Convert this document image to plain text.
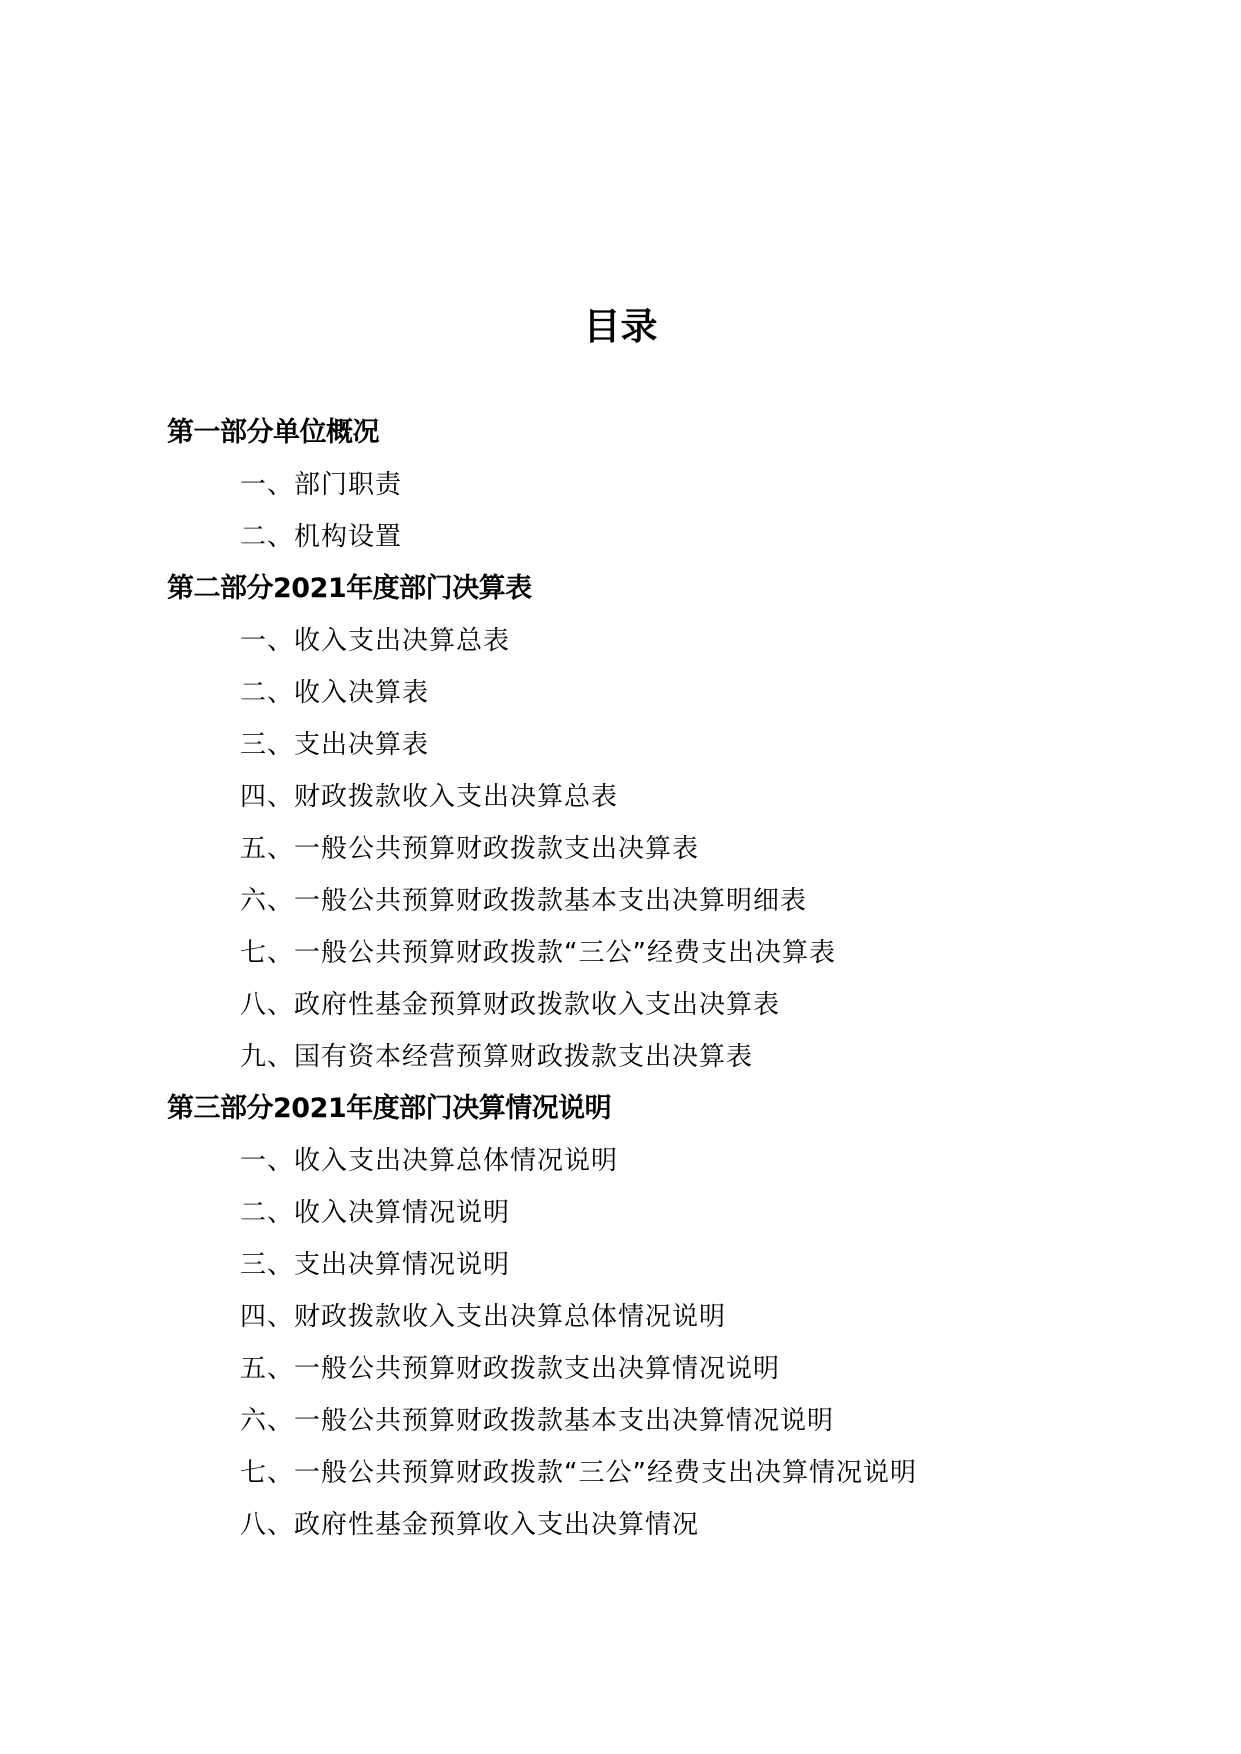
目录
第一部分单位概况
一、部门职责
二、机构设置
第二部分2021年度部门决算表
一、收入支出决算总表
二、收入决算表
三、支出决算表
四、财政拨款收入支出决算总表
五、一般公共预算财政拨款支出决算表
六、一般公共预算财政拨款基本支出决算明细表
七、一般公共预算财政拨款“三公”经费支出决算表
八、政府性基金预算财政拨款收入支出决算表
九、国有资本经营预算财政拨款支出决算表
第三部分2021年度部门决算情况说明
一、收入支出决算总体情况说明
二、收入决算情况说明
三、支出决算情况说明
四、财政拨款收入支出决算总体情况说明
五、一般公共预算财政拨款支出决算情况说明
六、一般公共预算财政拨款基本支出决算情况说明
七、一般公共预算财政拨款“三公”经费支出决算情况说明
八、政府性基金预算收入支出决算情况
